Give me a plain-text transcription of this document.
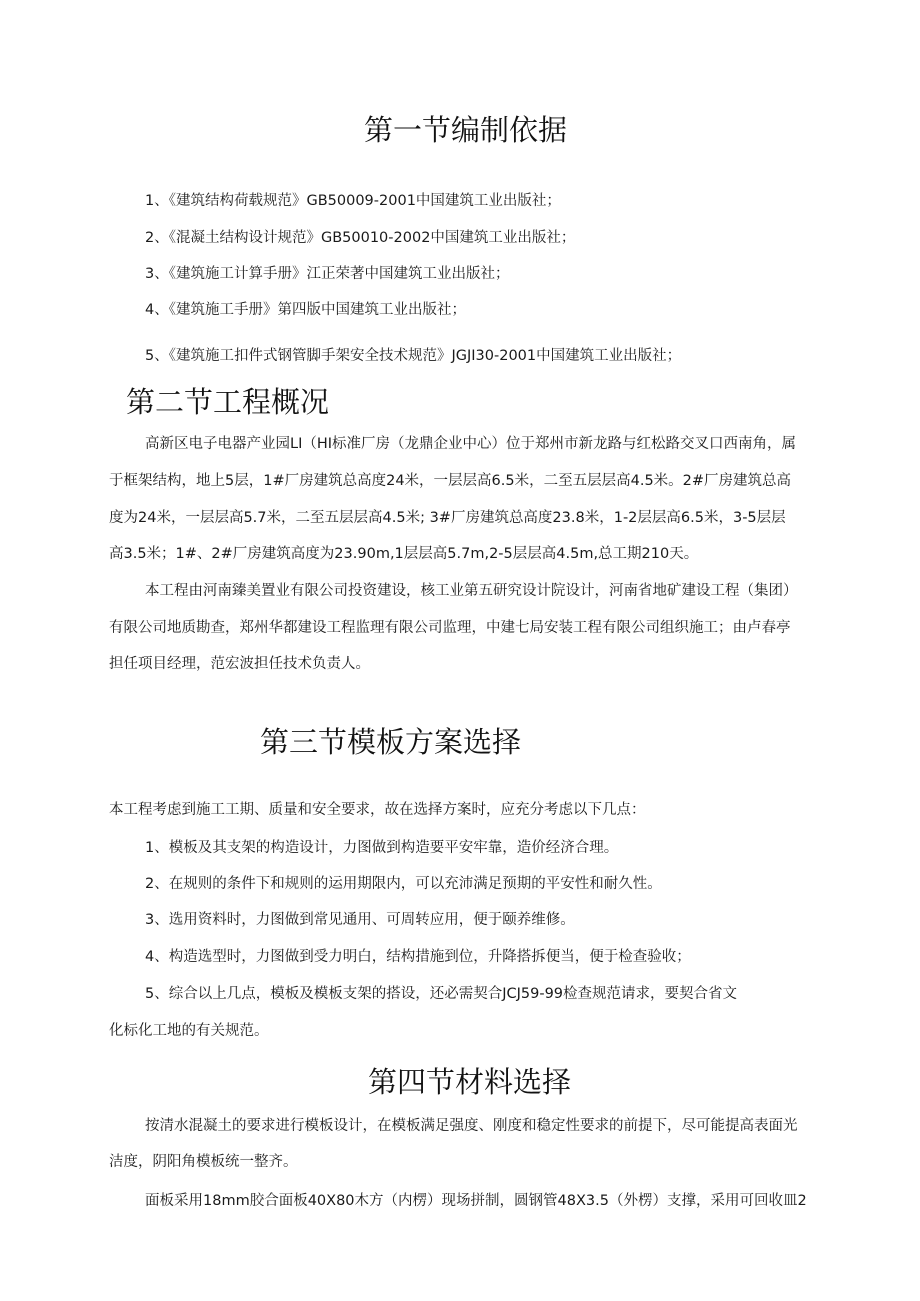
第一节编制依据
1、《建筑结构荷载规范》GB50009-2001中国建筑工业出版社；
2、《混凝土结构设计规范》GB50010-2002中国建筑工业出版社；
3、《建筑施工计算手册》江正荣著中国建筑工业出版社；
4、《建筑施工手册》第四版中国建筑工业出版社；
5、《建筑施工扣件式钢管脚手架安全技术规范》JGJI30-2001中国建筑工业出版社；
第二节工程概况
高新区电子电器产业园LI（HI标准厂房（龙鼎企业中心）位于郑州市新龙路与红松路交叉口西南角，属
于框架结构，地上5层，1#厂房建筑总高度24米，一层层高6.5米，二至五层层高4.5米。2#厂房建筑总高
度为24米，一层层高5.7米，二至五层层高4.5米; 3#厂房建筑总高度23.8米，1-2层层高6.5米，3-5层层
高3.5米；1#、2#厂房建筑高度为23.90m,1层层高5.7m,2-5层层高4.5m,总工期210天。
本工程由河南臻美置业有限公司投资建设，核工业第五研究设计院设计，河南省地矿建设工程（集团）
有限公司地质勘查，郑州华都建设工程监理有限公司监理，中建七局安装工程有限公司组织施工；由卢春亭
担任项目经理，范宏波担任技术负责人。
第三节模板方案选择
本工程考虑到施工工期、质量和安全要求，故在选择方案时，应充分考虑以下几点：
1、模板及其支架的构造设计，力图做到构造要平安牢靠，造价经济合理。
2、在规则的条件下和规则的运用期限内，可以充沛满足预期的平安性和耐久性。
3、选用资料时，力图做到常见通用、可周转应用，便于颐养维修。
4、构造选型时，力图做到受力明白，结构措施到位，升降搭拆便当，便于检查验收；
5、综合以上几点，模板及模板支架的搭设，还必需契合JCJ59-99检查规范请求，要契合省文
化标化工地的有关规范。
第四节材料选择
按清水混凝土的要求进行模板设计，在模板满足强度、刚度和稳定性要求的前提下，尽可能提高表面光
洁度，阴阳角模板统一整齐。
面板采用18mm胶合面板40X80木方（内楞）现场拼制，圆钢管48X3.5（外楞）支撑，采用可回收皿2
